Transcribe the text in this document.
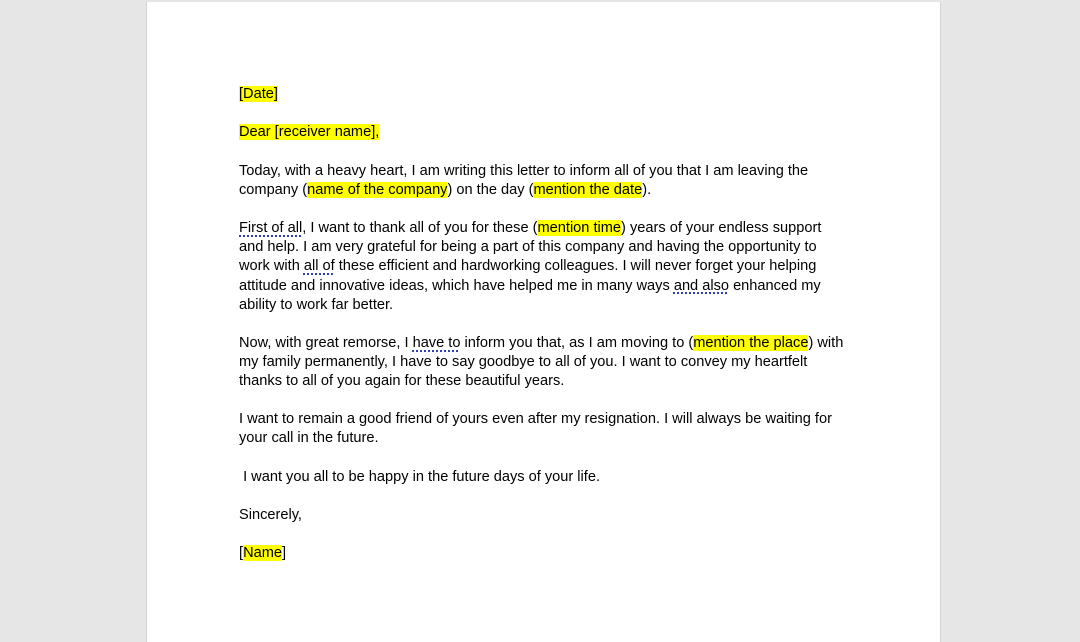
[Date]

Dear [receiver name],

Today, with a heavy heart, I am writing this letter to inform all of you that I am leaving the company (name of the company) on the day (mention the date).

First of all, I want to thank all of you for these (mention time) years of your endless support and help. I am very grateful for being a part of this company and having the opportunity to work with all of these efficient and hardworking colleagues. I will never forget your helping attitude and innovative ideas, which have helped me in many ways and also enhanced my ability to work far better.

Now, with great remorse, I have to inform you that, as I am moving to (mention the place) with my family permanently, I have to say goodbye to all of you. I want to convey my heartfelt thanks to all of you again for these beautiful years.

I want to remain a good friend of yours even after my resignation. I will always be waiting for your call in the future.

I want you all to be happy in the future days of your life.

Sincerely,

[Name]
